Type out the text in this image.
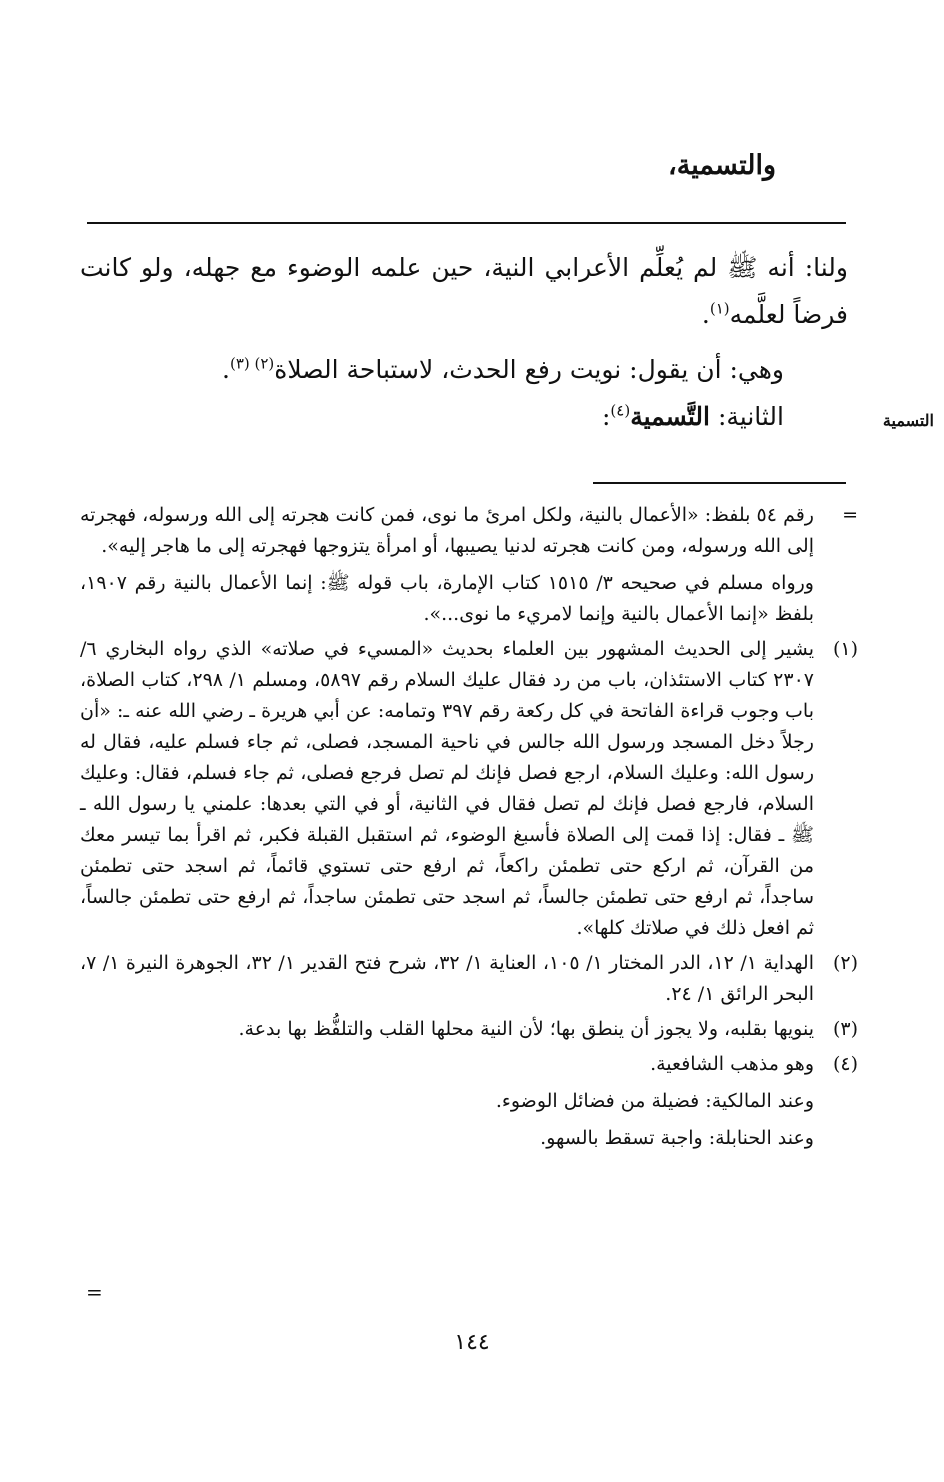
والتسمية،

ولنا: أنه ﷺ لم يُعلِّم الأعرابي النية، حين علمه الوضوء مع جهله، ولو كانت فرضاً لعلَّمه$^{(١)}$.

وهي: أن يقول: نويت رفع الحدث، لاستباحة الصلاة$^{(٢) (٣)}$.

الثانية: التَّسمية$^{(٤)}$:	التسمية
=

رقم ٥٤ بلفظ: «الأعمال بالنية، ولكل امرئ ما نوى، فمن كانت هجرته إلى الله ورسوله، فهجرته إلى الله ورسوله، ومن كانت هجرته لدنيا يصيبها، أو امرأة يتزوجها فهجرته إلى ما هاجر إليه».

ورواه مسلم في صحيحه ٣/ ١٥١٥ كتاب الإمارة، باب قوله ﷺ: إنما الأعمال بالنية رقم ١٩٠٧، بلفظ «إنما الأعمال بالنية وإنما لامريء ما نوى...».

(١)

يشير إلى الحديث المشهور بين العلماء بحديث «المسيء في صلاته» الذي رواه البخاري ٦/ ٢٣٠٧ كتاب الاستئذان، باب من رد فقال عليك السلام رقم ٥٨٩٧، ومسلم ١/ ٢٩٨، كتاب الصلاة، باب وجوب قراءة الفاتحة في كل ركعة رقم ٣٩٧ وتمامه: عن أبي هريرة ـ رضي الله عنه ـ: «أن رجلاً دخل المسجد ورسول الله جالس في ناحية المسجد، فصلى، ثم جاء فسلم عليه، فقال له رسول الله: وعليك السلام، ارجع فصل فإنك لم تصل فرجع فصلى، ثم جاء فسلم، فقال: وعليك السلام، فارجع فصل فإنك لم تصل فقال في الثانية، أو في التي بعدها: علمني يا رسول الله ـ ﷺ ـ فقال: إذا قمت إلى الصلاة فأسبغ الوضوء، ثم استقبل القبلة فكبر، ثم اقرأ بما تيسر معك من القرآن، ثم اركع حتى تطمئن راكعاً، ثم ارفع حتى تستوي قائماً، ثم اسجد حتى تطمئن ساجداً، ثم ارفع حتى تطمئن جالساً، ثم اسجد حتى تطمئن ساجداً، ثم ارفع حتى تطمئن جالساً، ثم افعل ذلك في صلاتك كلها».

(٢)

الهداية ١/ ١٢، الدر المختار ١/ ١٠٥، العناية ١/ ٣٢، شرح فتح القدير ١/ ٣٢، الجوهرة النيرة ١/ ٧، البحر الرائق ١/ ٢٤.

(٣)

ينويها بقلبه، ولا يجوز أن ينطق بها؛ لأن النية محلها القلب والتلفُّظ بها بدعة.

(٤)

وهو مذهب الشافعية.

وعند المالكية: فضيلة من فضائل الوضوء.

وعند الحنابلة: واجبة تسقط بالسهو.

=
١٤٤
